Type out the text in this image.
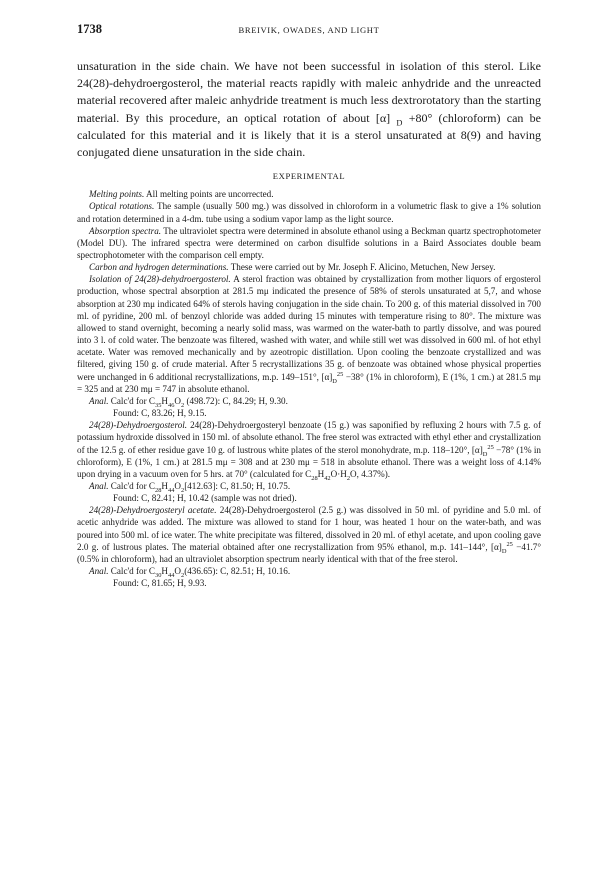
1738	BREIVIK, OWADES, AND LIGHT

unsaturation in the side chain. We have not been successful in isolation of this sterol. Like 24(28)-dehydroergosterol, the material reacts rapidly with maleic anhydride and the unreacted material recovered after maleic anhydride treatment is much less dextrorotatory than the starting material. By this procedure, an optical rotation of about [α] $_D$ +80° (chloroform) can be calculated for this material and it is likely that it is a sterol unsaturated at 8(9) and having conjugated diene unsaturation in the side chain.

EXPERIMENTAL

Melting points. All melting points are uncorrected.

Optical rotations. The sample (usually 500 mg.) was dissolved in chloroform in a volumetric flask to give a 1% solution and rotation determined in a 4-dm. tube using a sodium vapor lamp as the light source.

Absorption spectra. The ultraviolet spectra were determined in absolute ethanol using a Beckman quartz spectrophotometer (Model DU). The infrared spectra were determined on carbon disulfide solutions in a Baird Associates double beam spectrophotometer with the comparison cell empty.

Carbon and hydrogen determinations. These were carried out by Mr. Joseph F. Alicino, Metuchen, New Jersey.

Isolation of 24(28)-dehydroergosterol. A sterol fraction was obtained by crystallization from mother liquors of ergosterol production, whose spectral absorption at 281.5 mμ indicated the presence of 58% of sterols unsaturated at 5,7, and whose absorption at 230 mμ indicated 64% of sterols having conjugation in the side chain. To 200 g. of this material dissolved in 700 ml. of pyridine, 200 ml. of benzoyl chloride was added during 15 minutes with temperature rising to 80°. The mixture was allowed to stand overnight, becoming a nearly solid mass, was warmed on the water-bath to partly dissolve, and was poured into 3 l. of cold water. The benzoate was filtered, washed with water, and while still wet was dissolved in 600 ml. of hot ethyl acetate. Water was removed mechanically and by azeotropic distillation. Upon cooling the benzoate crystallized and was filtered, giving 150 g. of crude material. After 5 recrystallizations 35 g. of benzoate was obtained whose physical properties were unchanged in 6 additional recrystallizations, m.p. 149–151°, $[\alpha]_D^{25} -38^\circ$ (1% in chloroform), E (1%, 1 cm.) at 281.5 mμ = 325 and at 230 mμ = 747 in absolute ethanol.

Anal. Calc'd for $C_{35}H_{46}O_2$ (498.72): C, 84.29; H, 9.30.

Found: C, 83.26; H, 9.15.

24(28)-Dehydroergosterol. 24(28)-Dehydroergosteryl benzoate (15 g.) was saponified by refluxing 2 hours with 7.5 g. of potassium hydroxide dissolved in 150 ml. of absolute ethanol. The free sterol was extracted with ethyl ether and crystallization of the 12.5 g. of ether residue gave 10 g. of lustrous white plates of the sterol monohydrate, m.p. 118–120°, $[\alpha]_D^{25} -78^\circ$ (1% in chloroform), E (1%, 1 cm.) at 281.5 mμ = 308 and at 230 mμ = 518 in absolute ethanol. There was a weight loss of 4.14% upon drying in a vacuum oven for 5 hrs. at 70° (calculated for $C_{28}H_{42}O\cdot H_2O$, 4.37%).

Anal. Calc'd for $C_{28}H_{44}O_2[412.63]$: C, 81.50; H, 10.75.

Found: C, 82.41; H, 10.42 (sample was not dried).

24(28)-Dehydroergosteryl acetate. 24(28)-Dehydroergosterol (2.5 g.) was dissolved in 50 ml. of pyridine and 5.0 ml. of acetic anhydride was added. The mixture was allowed to stand for 1 hour, was heated 1 hour on the water-bath, and was poured into 500 ml. of ice water. The white precipitate was filtered, dissolved in 20 ml. of ethyl acetate, and upon cooling gave 2.0 g. of lustrous plates. The material obtained after one recrystallization from 95% ethanol, m.p. 141–144°, $[\alpha]_D^{25} -41.7^\circ$ (0.5% in chloroform), had an ultraviolet absorption spectrum nearly identical with that of the free sterol.

Anal. Calc'd for $C_{30}H_{44}O_2(436.65)$: C, 82.51; H, 10.16.

Found: C, 81.65; H, 9.93.
